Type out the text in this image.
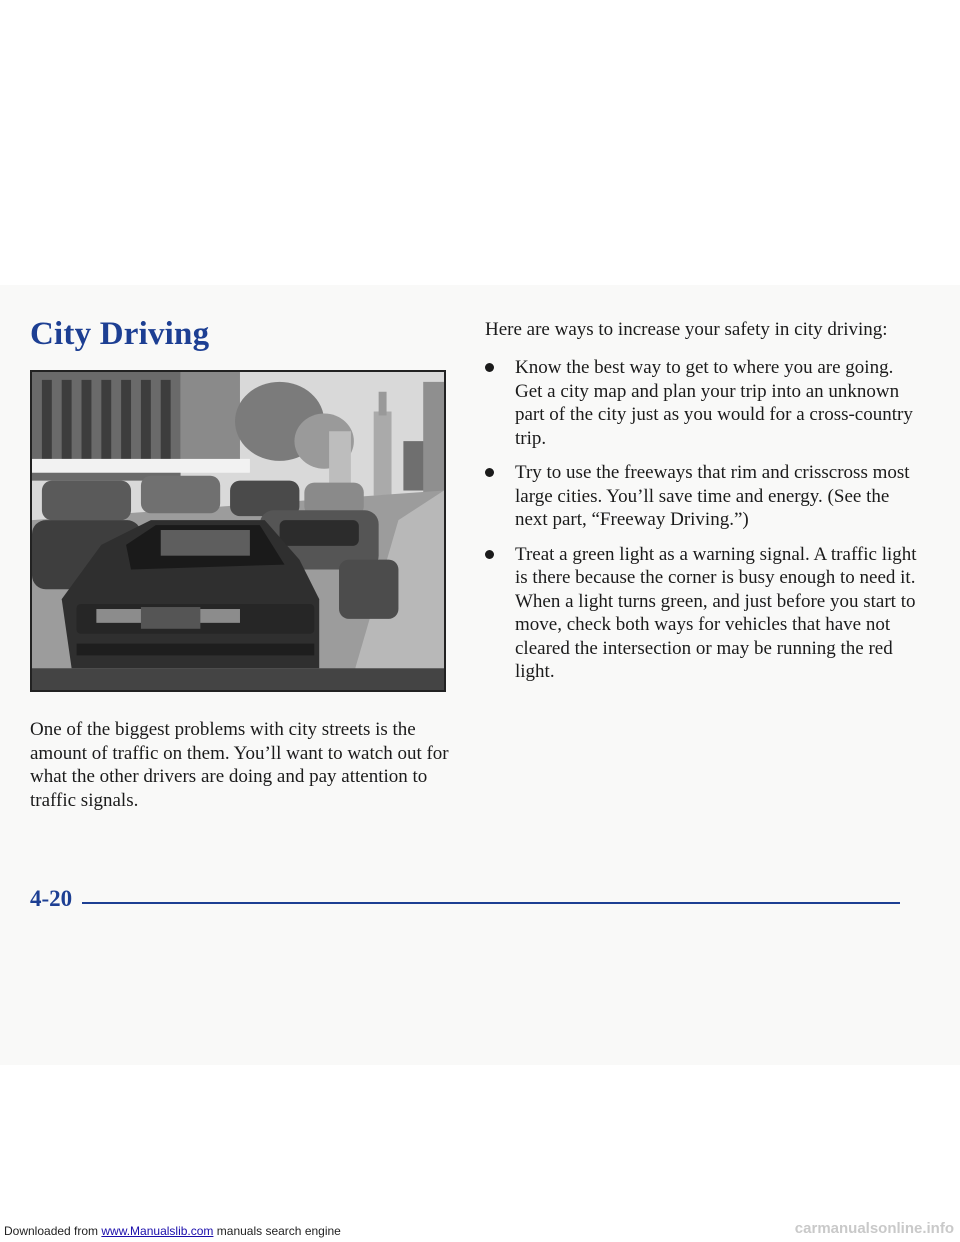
City Driving

One of the biggest problems with city streets is the amount of traffic on them. You’ll want to watch out for what the other drivers are doing and pay attention to traffic signals.

Here are ways to increase your safety in city driving:

Know the best way to get to where you are going. Get a city map and plan your trip into an unknown part of the city just as you would for a cross-country trip.
Try to use the freeways that rim and crisscross most large cities. You’ll save time and energy. (See the next part, “Freeway Driving.”)
Treat a green light as a warning signal. A traffic light is there because the corner is busy enough to need it. When a light turns green, and just before you start to move, check both ways for vehicles that have not cleared the intersection or may be running the red light.
4-20
Downloaded from www.Manualslib.com manuals search engine	carmanualsonline.info
